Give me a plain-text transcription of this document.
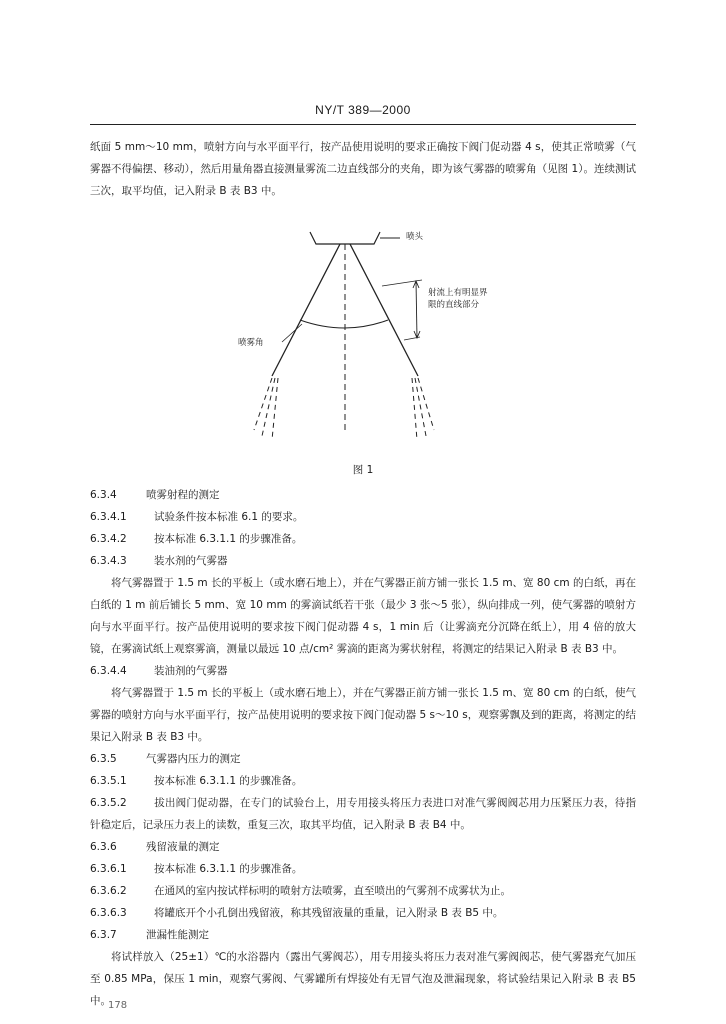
NY/T 389—2000

纸面 5 mm～10 mm，喷射方向与水平面平行，按产品使用说明的要求正确按下阀门促动器 4 s，使其正常喷雾（气雾器不得偏摆、移动），然后用量角器直接测量雾流二边直线部分的夹角，即为该气雾器的喷雾角（见图 1）。连续测试三次，取平均值，记入附录 B 表 B3 中。

喷头
射流上有明显界
限的直线部分
喷雾角
图 1
6.3.4	喷雾射程的测定
6.3.4.1	试验条件按本标准 6.1 的要求。
6.3.4.2	按本标准 6.3.1.1 的步骤准备。
6.3.4.3	装水剂的气雾器

将气雾器置于 1.5 m 长的平板上（或水磨石地上），并在气雾器正前方铺一张长 1.5 m、宽 80 cm 的白纸，再在白纸的 1 m 前后铺长 5 mm、宽 10 mm 的雾滴试纸若干张（最少 3 张～5 张），纵向排成一列，使气雾器的喷射方向与水平面平行。按产品使用说明的要求按下阀门促动器 4 s，1 min 后（让雾滴充分沉降在纸上），用 4 倍的放大镜，在雾滴试纸上观察雾滴，测量以最远 10 点/cm² 雾滴的距离为雾状射程，将测定的结果记入附录 B 表 B3 中。

6.3.4.4	装油剂的气雾器

将气雾器置于 1.5 m 长的平板上（或水磨石地上），并在气雾器正前方铺一张长 1.5 m、宽 80 cm 的白纸，使气雾器的喷射方向与水平面平行，按产品使用说明的要求按下阀门促动器 5 s～10 s，观察雾飘及到的距离，将测定的结果记入附录 B 表 B3 中。

6.3.5	气雾器内压力的测定
6.3.5.1	按本标准 6.3.1.1 的步骤准备。

6.3.5.2	拔出阀门促动器，在专门的试验台上，用专用接头将压力表进口对准气雾阀阀芯用力压紧压力表，待指针稳定后，记录压力表上的读数，重复三次，取其平均值，记入附录 B 表 B4 中。

6.3.6	残留液量的测定
6.3.6.1	按本标准 6.3.1.1 的步骤准备。
6.3.6.2	在通风的室内按试样标明的喷射方法喷雾，直至喷出的气雾剂不成雾状为止。
6.3.6.3	将罐底开个小孔倒出残留液，称其残留液量的重量，记入附录 B 表 B5 中。
6.3.7	泄漏性能测定

将试样放入（25±1）℃的水浴器内（露出气雾阀芯），用专用接头将压力表对准气雾阀阀芯，使气雾器充气加压至 0.85 MPa，保压 1 min，观察气雾阀、气雾罐所有焊接处有无冒气泡及泄漏现象，将试验结果记入附录 B 表 B5 中。

178
